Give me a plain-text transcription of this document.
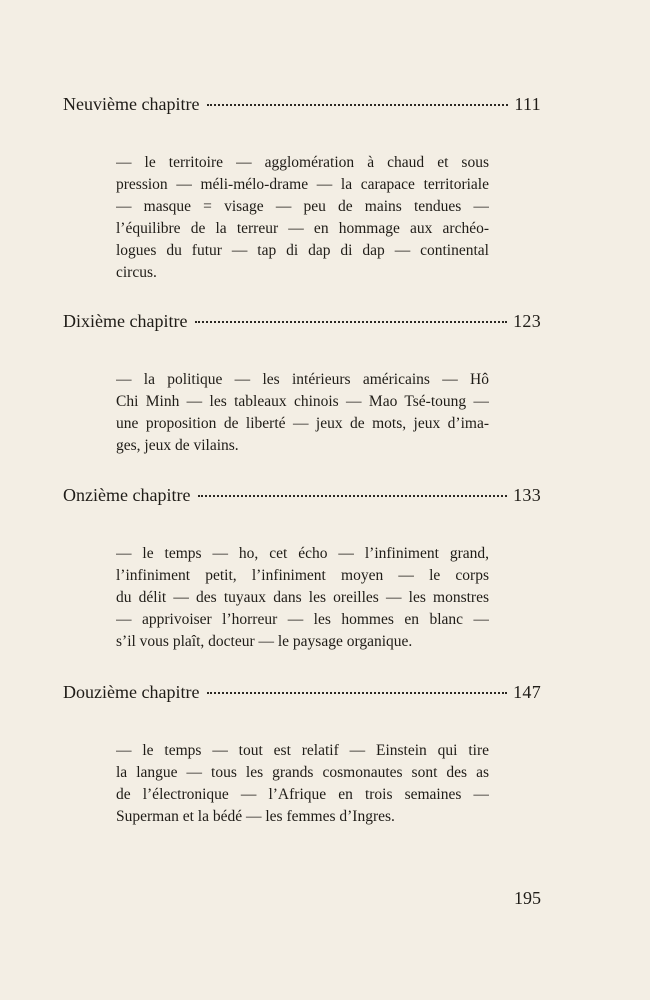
Neuvième chapitre	111
— le territoire — agglomération à chaud et sous
pression — méli-mélo-drame — la carapace territoriale
— masque = visage — peu de mains tendues —
l’équilibre de la terreur — en hommage aux archéo-
logues du futur — tap di dap di dap — continental
circus.
Dixième chapitre	123
— la politique — les intérieurs américains — Hô
Chi Minh — les tableaux chinois — Mao Tsé-toung —
une proposition de liberté — jeux de mots, jeux d’ima-
ges, jeux de vilains.
Onzième chapitre	133
— le temps — ho, cet écho — l’infiniment grand,
l’infiniment petit, l’infiniment moyen — le corps
du délit — des tuyaux dans les oreilles — les monstres
— apprivoiser l’horreur — les hommes en blanc —
s’il vous plaît, docteur — le paysage organique.
Douzième chapitre	147
— le temps — tout est relatif — Einstein qui tire
la langue — tous les grands cosmonautes sont des as
de l’électronique — l’Afrique en trois semaines —
Superman et la bédé — les femmes d’Ingres.
195
